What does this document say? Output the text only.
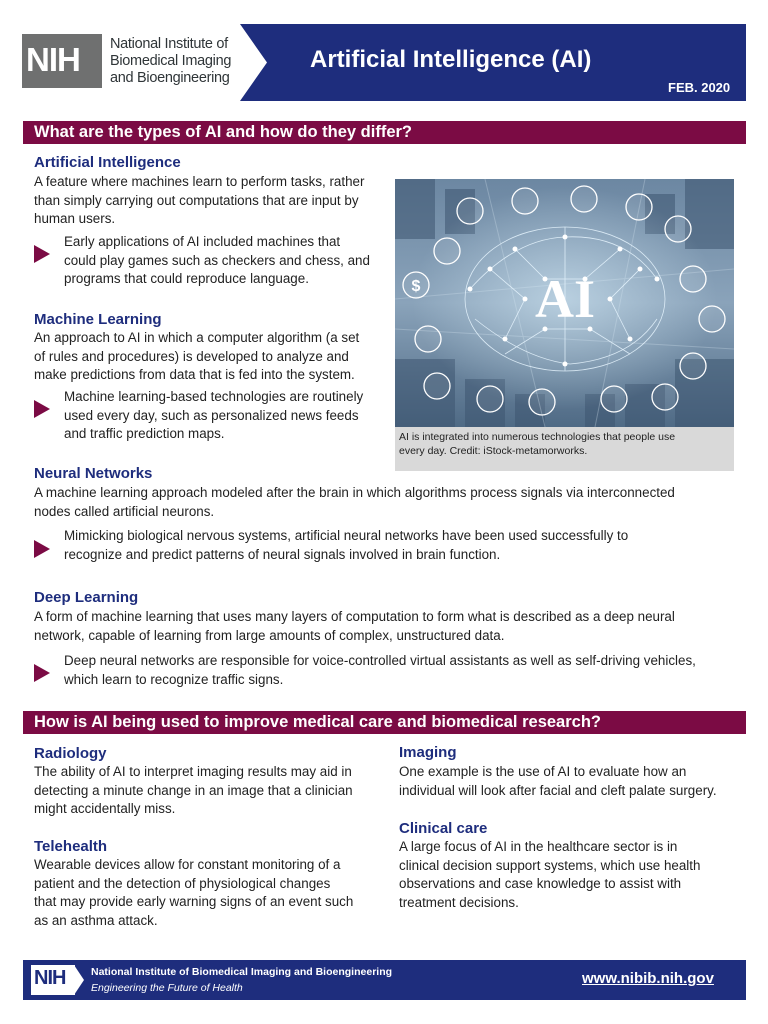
NIH National Institute of
Biomedical Imaging
and Bioengineering
Artificial Intelligence (AI)
FEB. 2020
What are the types of AI and how do they differ?
Artificial Intelligence
A feature where machines learn to perform tasks, rather
than simply carrying out computations that are input by
human users.
Early applications of AI included machines that
could play games such as checkers and chess, and
programs that could reproduce language.
Machine Learning
An approach to AI in which a computer algorithm (a set
of rules and procedures) is developed to analyze and
make predictions from data that is fed into the system.
Machine learning-based technologies are routinely
used every day, such as personalized news feeds
and traffic prediction maps.
$ AI
AI is integrated into numerous technologies that people use
every day. Credit: iStock-metamorworks.
Neural Networks
A machine learning approach modeled after the brain in which algorithms process signals via interconnected
nodes called artificial neurons.
Mimicking biological nervous systems, artificial neural networks have been used successfully to
recognize and predict patterns of neural signals involved in brain function.
Deep Learning
A form of machine learning that uses many layers of computation to form what is described as a deep neural
network, capable of learning from large amounts of complex, unstructured data.
Deep neural networks are responsible for voice-controlled virtual assistants as well as self-driving vehicles,
which learn to recognize traffic signs.
How is AI being used to improve medical care and biomedical research?
Radiology
The ability of AI to interpret imaging results may aid in
detecting a minute change in an image that a clinician
might accidentally miss.
Telehealth
Wearable devices allow for constant monitoring of a
patient and the detection of physiological changes
that may provide early warning signs of an event such
as an asthma attack.
Imaging
One example is the use of AI to evaluate how an
individual will look after facial and cleft palate surgery.
Clinical care
A large focus of AI in the healthcare sector is in
clinical decision support systems, which use health
observations and case knowledge to assist with
treatment decisions.
NIH National Institute of Biomedical Imaging and Bioengineering
Engineering the Future of Health
www.nibib.nih.gov
